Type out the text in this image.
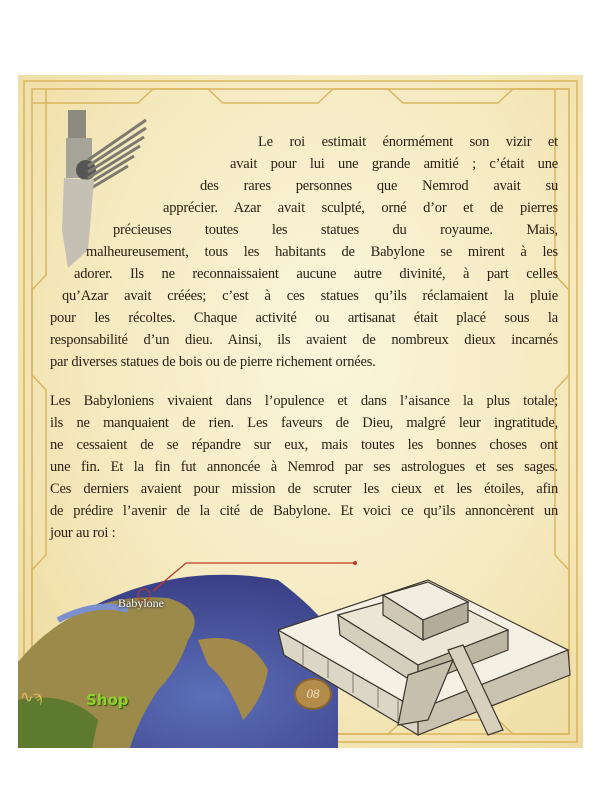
Le roi estimait énormément son vizir et
avait pour lui une grande amitié ; c’était une
des rares personnes que Nemrod avait su
apprécier. Azar avait sculpté, orné d’or et de pierres
précieuses toutes les statues du royaume. Mais,
malheureusement, tous les habitants de Babylone se mirent à les
adorer. Ils ne reconnaissaient aucune autre divinité, à part celles
qu’Azar avait créées; c’est à ces statues qu’ils réclamaient la pluie
pour les récoltes. Chaque activité ou artisanat était placé sous la
responsabilité d’un dieu. Ainsi, ils avaient de nombreux dieux incarnés
par diverses statues de bois ou de pierre richement ornées.
Les Babyloniens vivaient dans l’opulence et dans l’aisance la plus totale;
ils ne manquaient de rien. Les faveurs de Dieu, malgré leur ingratitude,
ne cessaient de se répandre sur eux, mais toutes les bonnes choses ont
une fin. Et la fin fut annoncée à Nemrod par ses astrologues et ses sages.
Ces derniers avaient pour mission de scruter les cieux et les étoiles, afin
de prédire l’avenir de la cité de Babylone. Et voici ce qu’ils annoncèrent un
jour au roi :
Babylone
08
∿ϡ	Shop
